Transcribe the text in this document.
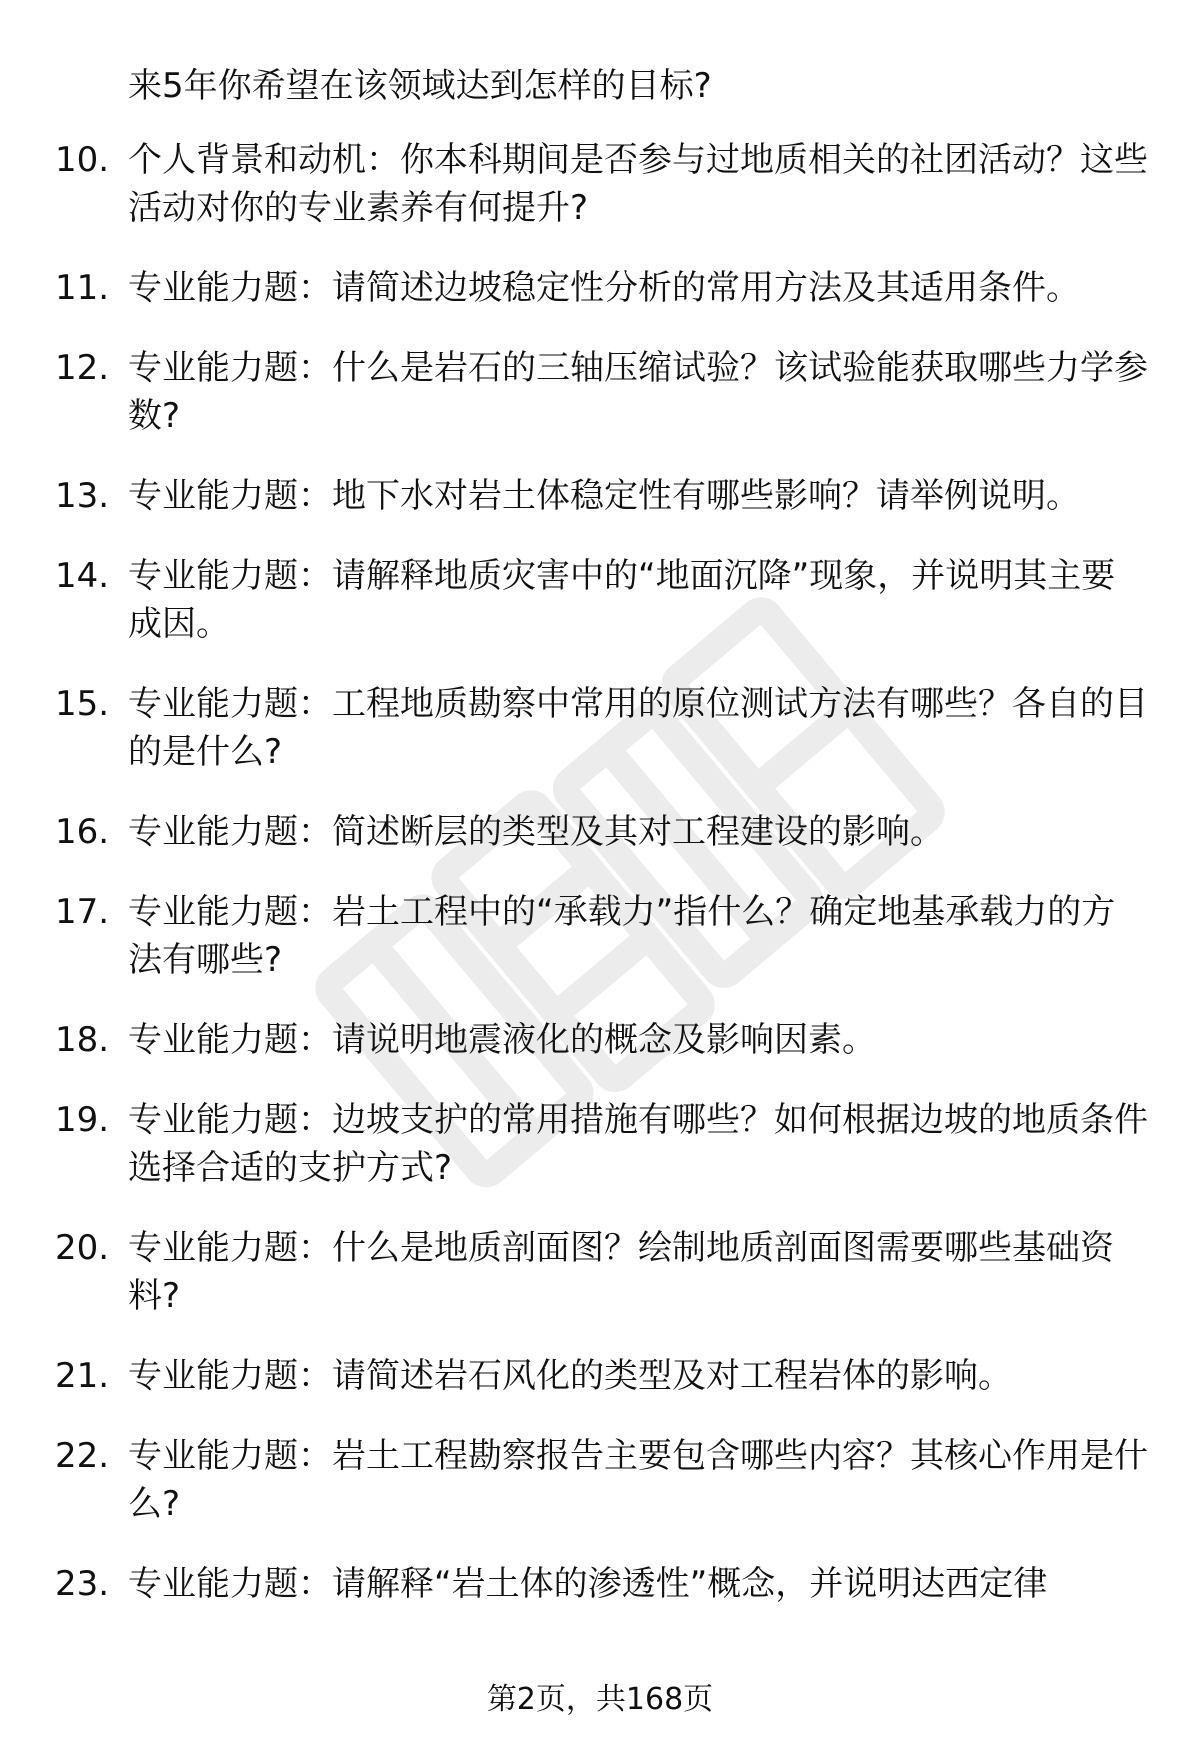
来5年你希望在该领域达到怎样的目标?

10. 个人背景和动机：你本科期间是否参与过地质相关的社团活动？这些活动对你的专业素养有何提升?
11. 专业能力题：请简述边坡稳定性分析的常用方法及其适用条件。
12. 专业能力题：什么是岩石的三轴压缩试验？该试验能获取哪些力学参数?
13. 专业能力题：地下水对岩土体稳定性有哪些影响？请举例说明。
14. 专业能力题：请解释地质灾害中的“地面沉降”现象，并说明其主要成因。
15. 专业能力题：工程地质勘察中常用的原位测试方法有哪些？各自的目的是什么?
16. 专业能力题：简述断层的类型及其对工程建设的影响。
17. 专业能力题：岩土工程中的“承载力”指什么？确定地基承载力的方法有哪些?
18. 专业能力题：请说明地震液化的概念及影响因素。
19. 专业能力题：边坡支护的常用措施有哪些？如何根据边坡的地质条件选择合适的支护方式?
20. 专业能力题：什么是地质剖面图？绘制地质剖面图需要哪些基础资料?
21. 专业能力题：请简述岩石风化的类型及对工程岩体的影响。
22. 专业能力题：岩土工程勘察报告主要包含哪些内容？其核心作用是什么?
23. 专业能力题：请解释“岩土体的渗透性”概念，并说明达西定律
第2页，共168页
